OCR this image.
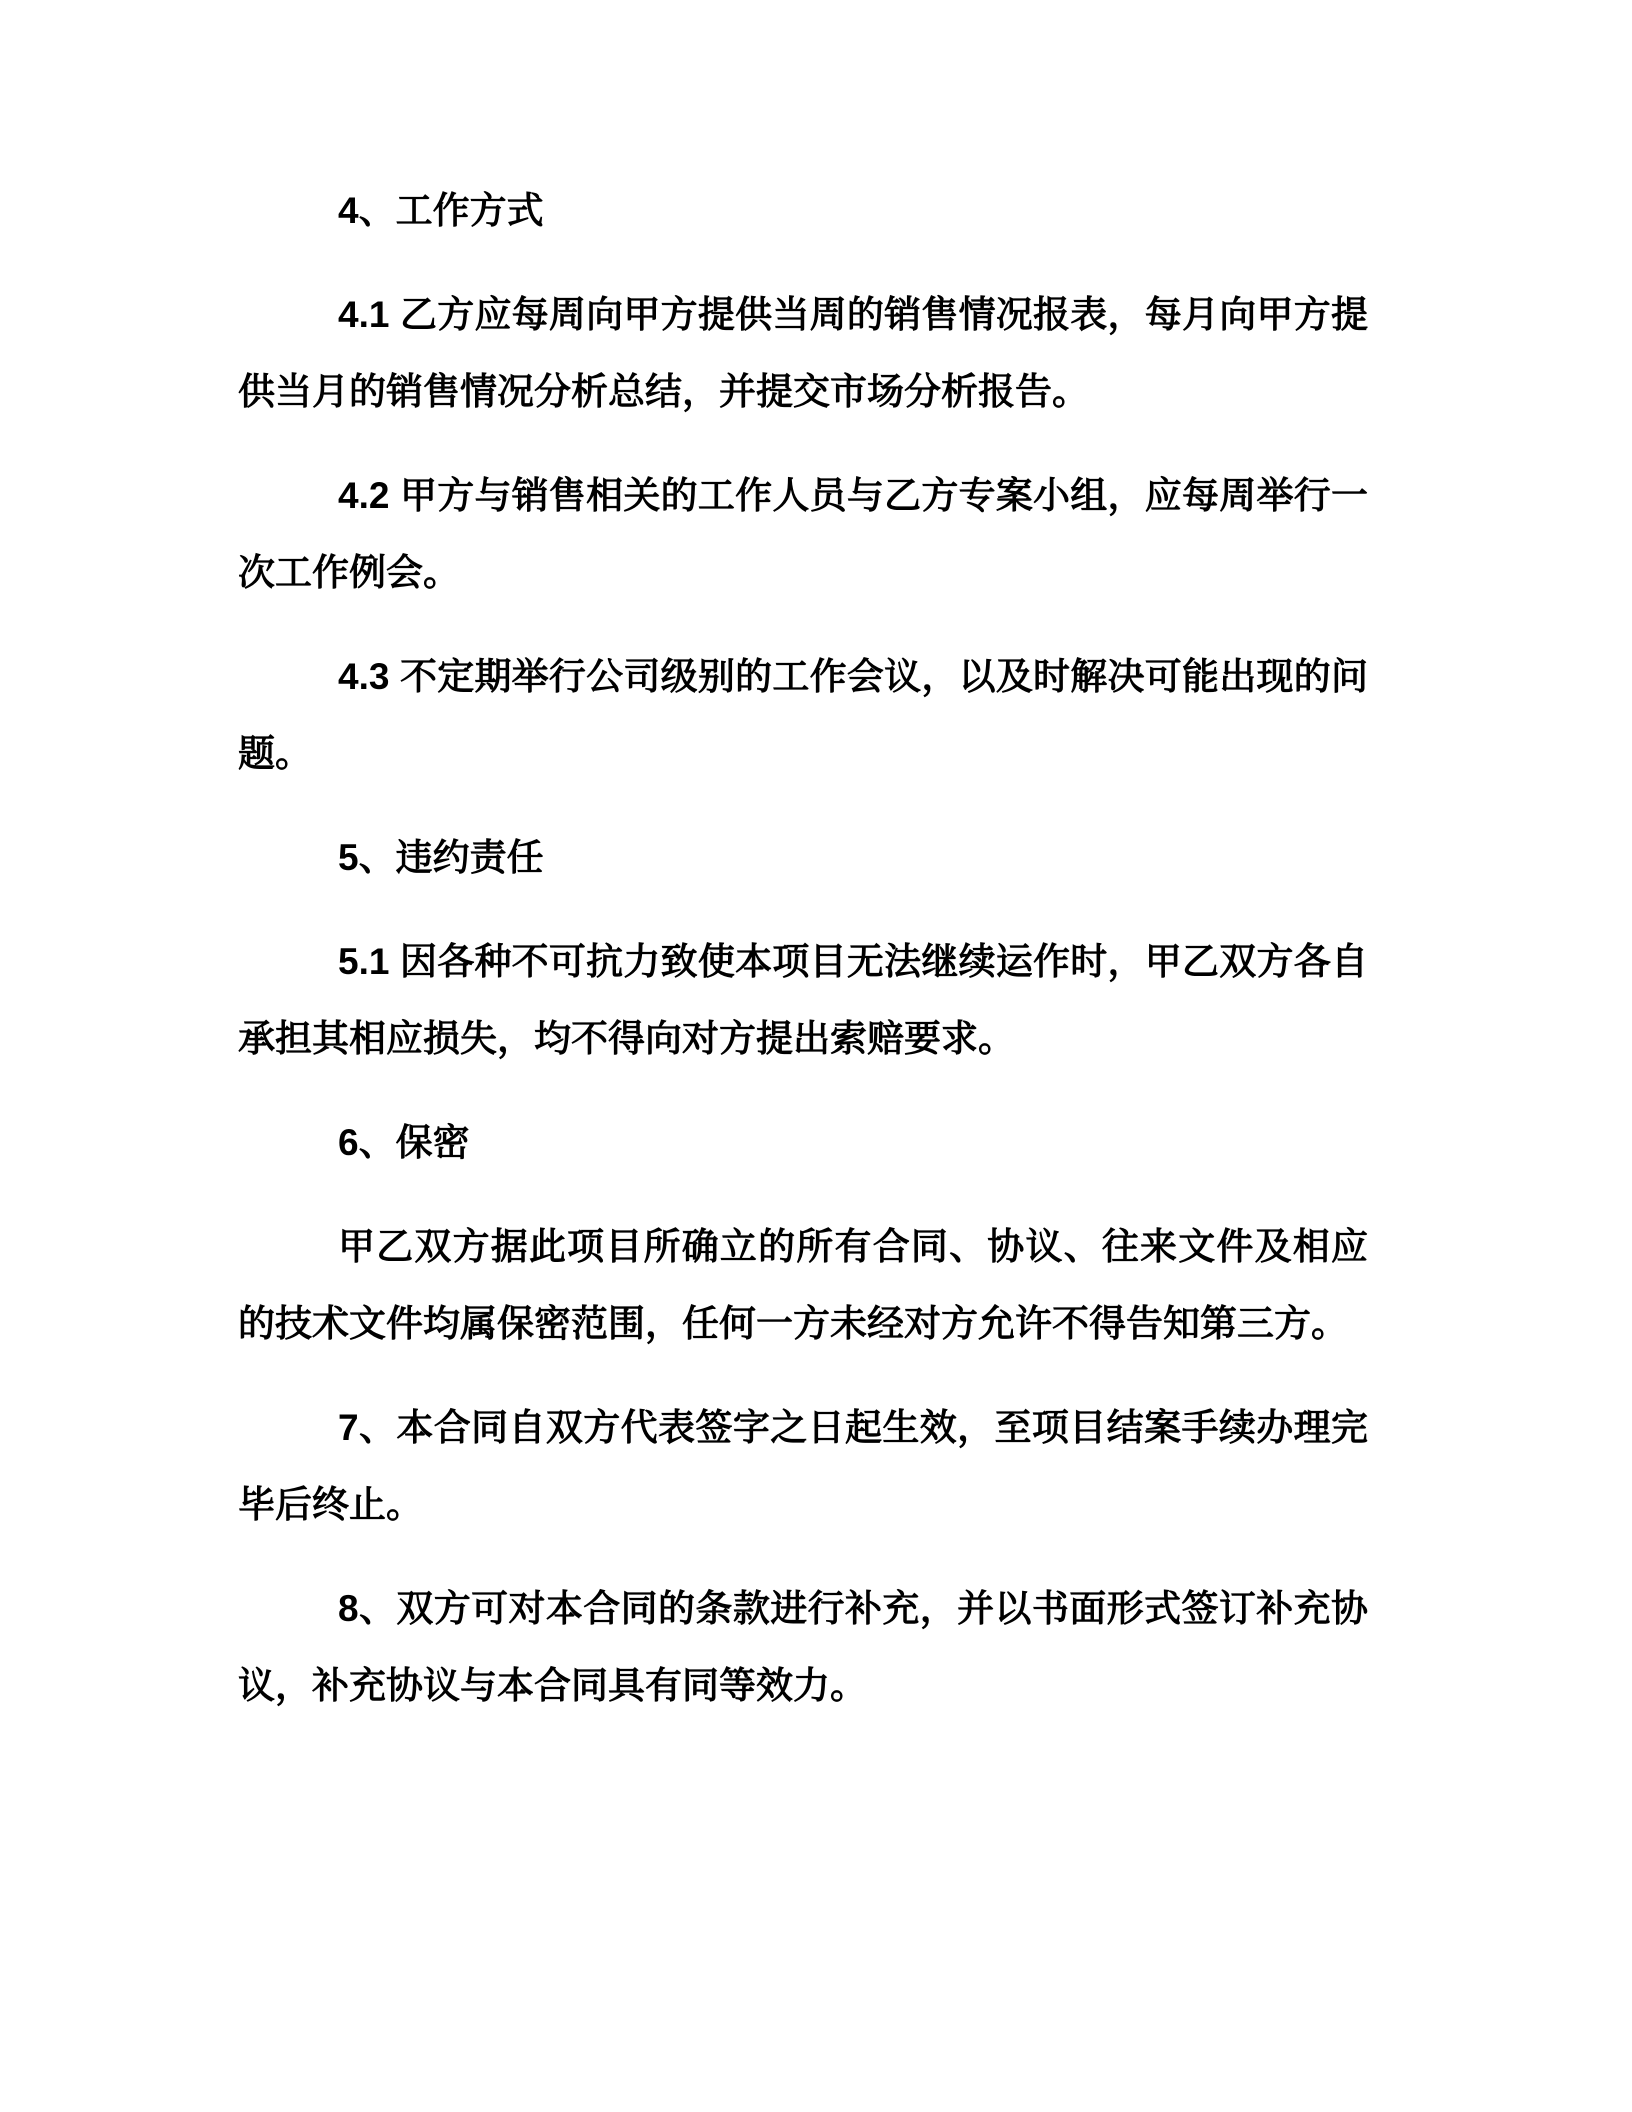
4、工作方式

4.1 乙方应每周向甲方提供当周的销售情况报表，每月向甲方提供当月的销售情况分析总结，并提交市场分析报告。

4.2 甲方与销售相关的工作人员与乙方专案小组，应每周举行一次工作例会。

4.3 不定期举行公司级别的工作会议，以及时解决可能出现的问题。

5、违约责任

5.1 因各种不可抗力致使本项目无法继续运作时，甲乙双方各自承担其相应损失，均不得向对方提出索赔要求。

6、保密

甲乙双方据此项目所确立的所有合同、协议、往来文件及相应的技术文件均属保密范围，任何一方未经对方允许不得告知第三方。

7、本合同自双方代表签字之日起生效，至项目结案手续办理完毕后终止。

8、双方可对本合同的条款进行补充，并以书面形式签订补充协议，补充协议与本合同具有同等效力。
